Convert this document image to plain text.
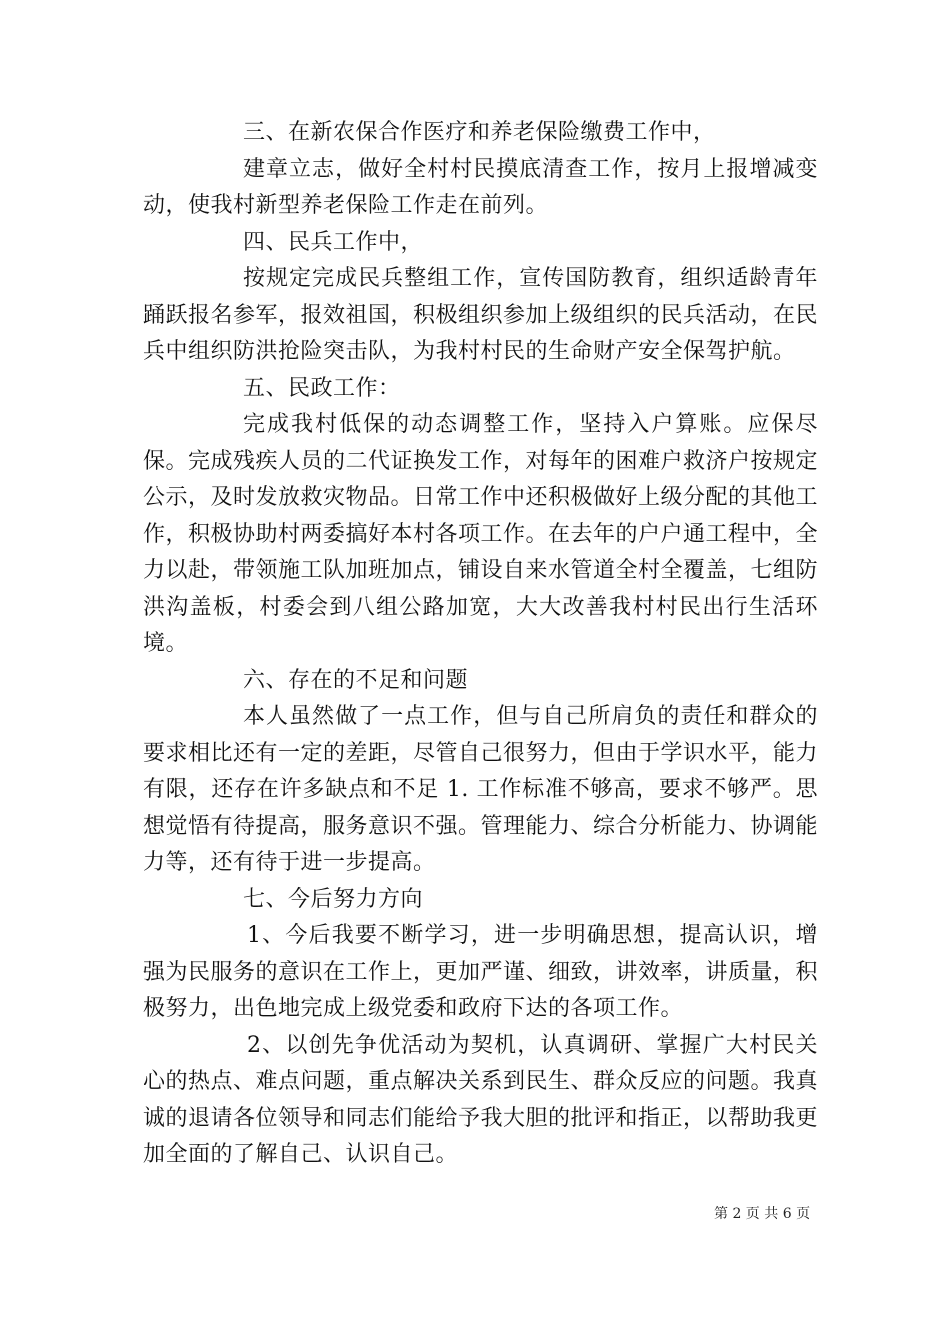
三、在新农保合作医疗和养老保险缴费工作中，

建章立志，做好全村村民摸底清查工作，按月上报增减变动，使我村新型养老保险工作走在前列。

四、民兵工作中，

按规定完成民兵整组工作，宣传国防教育，组织适龄青年踊跃报名参军，报效祖国，积极组织参加上级组织的民兵活动，在民兵中组织防洪抢险突击队，为我村村民的生命财产安全保驾护航。

五、民政工作：

完成我村低保的动态调整工作，坚持入户算账。应保尽保。完成残疾人员的二代证换发工作，对每年的困难户救济户按规定公示，及时发放救灾物品。日常工作中还积极做好上级分配的其他工作，积极协助村两委搞好本村各项工作。在去年的户户通工程中，全力以赴，带领施工队加班加点，铺设自来水管道全村全覆盖，七组防洪沟盖板，村委会到八组公路加宽，大大改善我村村民出行生活环境。

六、存在的不足和问题

本人虽然做了一点工作，但与自己所肩负的责任和群众的要求相比还有一定的差距，尽管自己很努力，但由于学识水平，能力有限，还存在许多缺点和不足 1. 工作标准不够高，要求不够严。思想觉悟有待提高，服务意识不强。管理能力、综合分析能力、协调能力等，还有待于进一步提高。

七、今后努力方向

1、今后我要不断学习，进一步明确思想，提高认识，增强为民服务的意识在工作上，更加严谨、细致，讲效率，讲质量，积极努力，出色地完成上级党委和政府下达的各项工作。

2、以创先争优活动为契机，认真调研、掌握广大村民关心的热点、难点问题，重点解决关系到民生、群众反应的问题。我真诚的退请各位领导和同志们能给予我大胆的批评和指正，以帮助我更加全面的了解自己、认识自己。

第 2 页 共 6 页
